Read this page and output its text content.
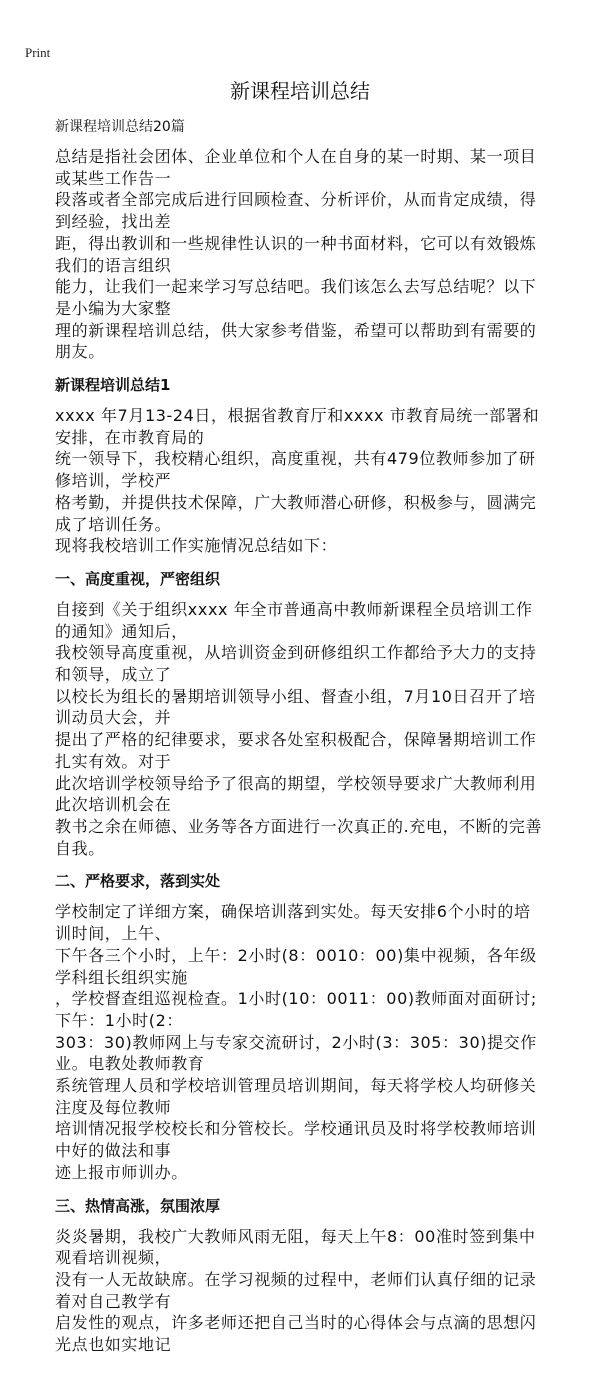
Print
新课程培训总结
新课程培训总结20篇
总结是指社会团体、企业单位和个人在自身的某一时期、某一项目或某些工作告一
段落或者全部完成后进行回顾检查、分析评价，从而肯定成绩，得到经验，找出差
距，得出教训和一些规律性认识的一种书面材料，它可以有效锻炼我们的语言组织
能力，让我们一起来学习写总结吧。我们该怎么去写总结呢？以下是小编为大家整
理的新课程培训总结，供大家参考借鉴，希望可以帮助到有需要的朋友。
新课程培训总结1
xxxx 年7月13-24日，根据省教育厅和xxxx 市教育局统一部署和安排，在市教育局的
统一领导下，我校精心组织，高度重视，共有479位教师参加了研修培训，学校严
格考勤，并提供技术保障，广大教师潜心研修，积极参与，圆满完成了培训任务。
现将我校培训工作实施情况总结如下：
一、高度重视，严密组织
自接到《关于组织xxxx 年全市普通高中教师新课程全员培训工作的通知》通知后，
我校领导高度重视，从培训资金到研修组织工作都给予大力的支持和领导，成立了
以校长为组长的暑期培训领导小组、督查小组，7月10日召开了培训动员大会，并
提出了严格的纪律要求，要求各处室积极配合，保障暑期培训工作扎实有效。对于
此次培训学校领导给予了很高的期望，学校领导要求广大教师利用此次培训机会在
教书之余在师德、业务等各方面进行一次真正的.充电，不断的完善自我。
二、严格要求，落到实处
学校制定了详细方案，确保培训落到实处。每天安排6个小时的培训时间，上午、
下午各三个小时，上午：2小时(8：0010：00)集中视频，各年级学科组长组织实施
，学校督查组巡视检查。1小时(10：0011：00)教师面对面研讨;下午：1小时(2：
303：30)教师网上与专家交流研讨，2小时(3：305：30)提交作业。电教处教师教育
系统管理人员和学校培训管理员培训期间，每天将学校人均研修关注度及每位教师
培训情况报学校校长和分管校长。学校通讯员及时将学校教师培训中好的做法和事
迹上报市师训办。
三、热情高涨，氛围浓厚
炎炎暑期，我校广大教师风雨无阻，每天上午8：00准时签到集中观看培训视频，
没有一人无故缺席。在学习视频的过程中，老师们认真仔细的记录着对自己教学有
启发性的观点，许多老师还把自己当时的心得体会与点滴的思想闪光点也如实地记
